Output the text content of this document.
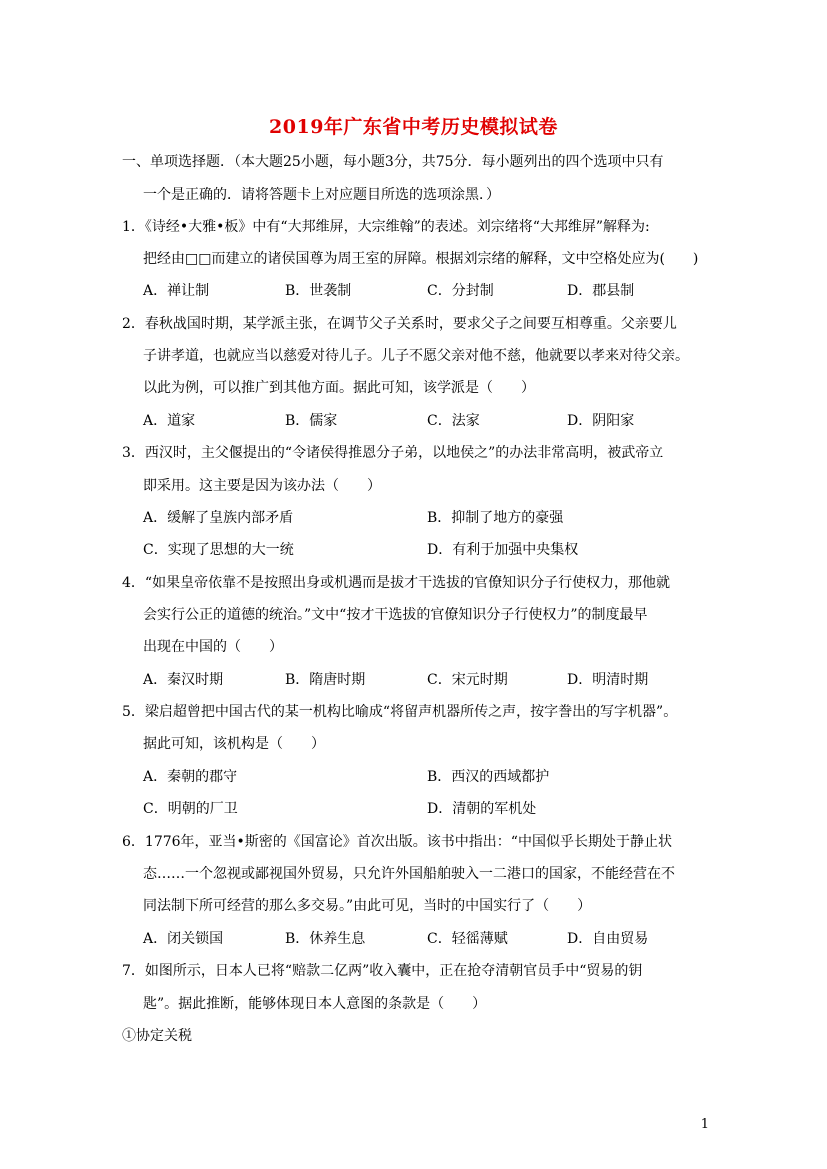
2019年广东省中考历史模拟试卷
一、单项选择题．（本大题25小题，每小题3分，共75分．每小题列出的四个选项中只有
一个是正确的．请将答题卡上对应题目所选的选项涂黑．）
1．《诗经•大雅•板》中有“大邦维屏，大宗维翰”的表述。刘宗绪将“大邦维屏”解释为:
把经由□□而建立的诸侯国尊为周王室的屏障。根据刘宗绪的解释，文中空格处应为(　　)
A．禅让制	B．世袭制	C．分封制	D．郡县制
2．春秋战国时期，某学派主张，在调节父子关系时，要求父子之间要互相尊重。父亲要儿
子讲孝道，也就应当以慈爱对待儿子。儿子不愿父亲对他不慈，他就要以孝来对待父亲。
以此为例，可以推广到其他方面。据此可知，该学派是（　　）
A．道家	B．儒家	C．法家	D．阴阳家
3．西汉时，主父偃提出的“令诸侯得推恩分子弟，以地侯之”的办法非常高明，被武帝立
即采用。这主要是因为该办法（　　）
A．缓解了皇族内部矛盾	B．抑制了地方的豪强
C．实现了思想的大一统	D．有利于加强中央集权
4．“如果皇帝依靠不是按照出身或机遇而是拔才干选拔的官僚知识分子行使权力，那他就
会实行公正的道德的统治。”文中“按才干选拔的官僚知识分子行使权力”的制度最早
出现在中国的（　　）
A．秦汉时期	B．隋唐时期	C．宋元时期	D．明清时期
5．梁启超曾把中国古代的某一机构比喻成“将留声机器所传之声，按字誊出的写字机器”。
据此可知，该机构是（　　）
A．秦朝的郡守	B．西汉的西域都护
C．明朝的厂卫	D．清朝的军机处
6．1776年，亚当•斯密的《国富论》首次出版。该书中指出：“中国似乎长期处于静止状
态……一个忽视或鄙视国外贸易，只允许外国船舶驶入一二港口的国家，不能经营在不
同法制下所可经营的那么多交易。”由此可见，当时的中国实行了（　　）
A．闭关锁国	B．休养生息	C．轻徭薄赋	D．自由贸易
7．如图所示，日本人已将“赔款二亿两”收入囊中，正在抢夺清朝官员手中“贸易的钥
匙”。据此推断，能够体现日本人意图的条款是（　　）
①协定关税
1
